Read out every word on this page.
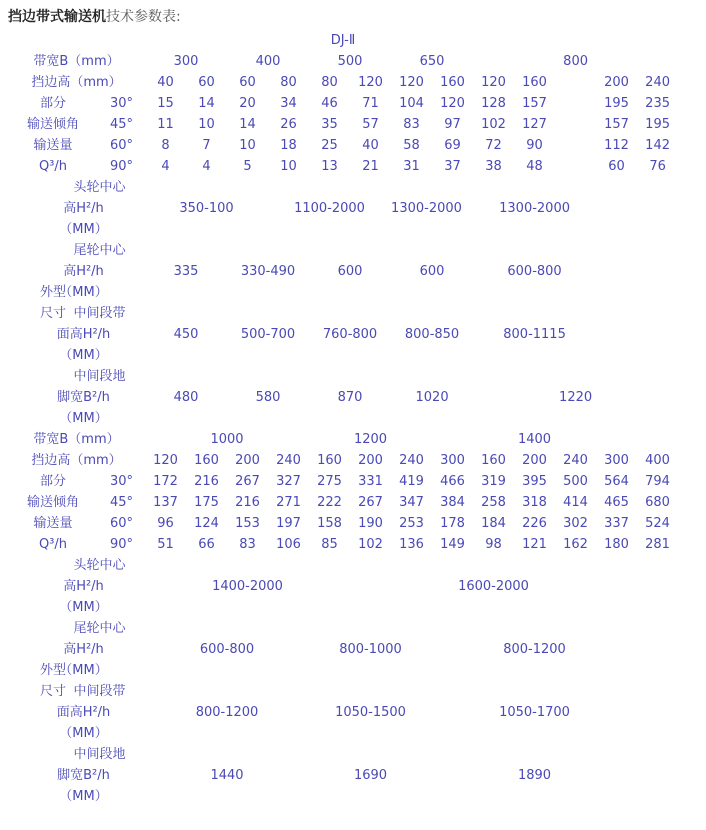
挡边带式输送机技术参数表:
DJ-Ⅱ
带宽B（mm）	300		400		500		650		800				

挡边高（mm）	40	60	60	80	80	120	120	160	120	160		200	240

部分 30°	15	14	20	34	46	71	104	120	128	157		195	235

输送倾角 45°	11	10	14	26	35	57	83	97	102	127		157	195

输送量 60°	8	7	10	18	25	40	58	69	72	90		112	142

Q³/h 90°	4	4	5	10	13	21	31	37	38	48		60	76

头轮中心													

高H²/h	350-100			1100-2000			1300-2000		1300-2000				

（MM）													

尾轮中心													

高H²/h	335		330-490		600		600		600-800				

外型
（MM）													

尺寸 中间段带													

面高H²/h	450		500-700		760-800		800-850		800-1115				

（MM）													

中间段地													

脚宽B²/h	480		580		870		1020		1220				

（MM）													

带宽B（mm）	1000				1200				1400				

挡边高（mm）	120	160	200	240	160	200	240	300	160	200	240	300	400

部分 30°	172	216	267	327	275	331	419	466	319	395	500	564	794

输送倾角 45°	137	175	216	271	222	267	347	384	258	318	414	465	680

输送量 60°	96	124	153	197	158	190	253	178	184	226	302	337	524

Q³/h 90°	51	66	83	106	85	102	136	149	98	121	162	180	281

头轮中心													

高H²/h		1400-2000						1600-2000					

（MM）													

尾轮中心													

高H²/h	600-800				800-1000				800-1200				

外型
（MM）													

尺寸 中间段带													

面高H²/h	800-1200				1050-1500				1050-1700				

（MM）													

中间段地													

脚宽B²/h	1440				1690				1890				

（MM）													
